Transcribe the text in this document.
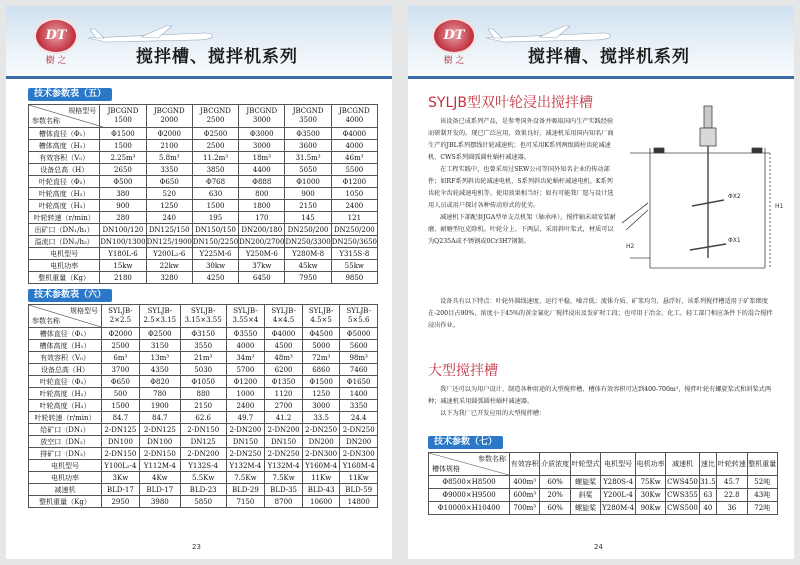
DT
樹 之	搅拌槽、搅拌机系列
技术参数表（五）
规格型号
参数名称	JBCGND 1500	JBCGND 2000	JBCGND 2500	JBCGND 3000	JBCGND 3500	JBCGND 4000
槽体直径（Φ₁）	Φ1500	Φ2000	Φ2500	Φ3000	Φ3500	Φ4000
槽体高度（H₁）	1500	2100	2500	3000	3600	4000
有效容积（V₀）	2.25m³	5.8m³	11.2m³	18m³	31.5m³	46m³
设备总高（H）	2650	3350	3850	4400	5050	5500
叶轮直径（Φ₂）	Φ500	Φ650	Φ768	Φ888	Φ1000	Φ1200
叶轮高度（H₂）	380	520	630	800	900	1050
叶轮高度（H₃）	900	1250	1500	1800	2150	2400
叶轮转速（r/min）	280	240	195	170	145	121
出矿口（DN₁/h₁）	DN100/120	DN125/150	DN150/150	DN200/180	DN250/200	DN250/200
溢流口（DN₂/h₂）	DN100/1300	DN125/1900	DN150/2250	DN200/2700	DN250/3300	DN250/3650
电机型号	Y180L-6	Y200L₂-6	Y225M-6	Y250M-6	Y280M-8	Y315S-8
电机功率	15kw	22kw	30kw	37kw	45kw	55kw
整机重量（Kg）	2180	3280	4250	6450	7950	9850
技术参数表（六）
规格型号
参数名称	SYLJB- 2×2.5	SYLJB- 2.5×3.15	SYLJB- 3.15×3.55	SYLJB- 3.55×4	SYLJB- 4×4.5	SYLJB- 4.5×5	SYLJB- 5×5.6
槽体直径（Φ₁）	Φ2000	Φ2500	Φ3150	Φ3550	Φ4000	Φ4500	Φ5000
槽体高度（H₁）	2500	3150	3550	4000	4500	5000	5600
有效容积（V₀）	6m³	13m³	21m³	34m³	48m³	72m³	98m³
设备总高（H）	3700	4350	5030	5700	6200	6860	7460
叶轮直径（Φ₂）	Φ650	Φ820	Φ1050	Φ1200	Φ1350	Φ1500	Φ1650
叶轮高度（H₂）	500	780	880	1000	1120	1250	1400
叶轮高度（H₃）	1500	1900	2150	2400	2700	3000	3350
叶轮转速（r/min）	84.7	84.7	62.6	49.7	41.2	33.5	24.4
给矿口（DN₁）	2-DN125	2-DN125	2-DN150	2-DN200	2-DN200	2-DN250	2-DN250
放空口（DN₂）	DN100	DN100	DN125	DN150	DN150	DN200	DN200
排矿口（DN₃）	2-DN150	2-DN150	2-DN200	2-DN250	2-DN250	2-DN300	2-DN300
电机型号	Y100L₂-4	Y112M-4	Y132S-4	Y132M-4	Y132M-4	Y160M-4	Y160M-4
电机功率	3Kw	4Kw	5.5Kw	7.5Kw	7.5Kw	11Kw	11Kw
减速机	BLD-17	BLD-17	BLD-23	BLD-29	BLD-35	BLD-43	BLD-59
整机重量（Kg）	2950	3980	5850	7150	8700	10600	14800
23
DT
樹 之	搅拌槽、搅拌机系列
SYLJB型双叶轮浸出搅拌槽

该设备已成系列产品，是参考国外设备并吸取国内生产实践经验而研制开发的。现已广泛应用，效果良好。减速机采用国内知名厂商生产的JBL系列摆线针轮减速机；也可采用K系列两级圆柱齿轮减速机、CWS系列圆弧圆柱蜗杆减速器。

在工程实践中，也曾采用过SEW公司等国外知名企业的传动部件；如RF系列斜齿轮减速电机、S系列斜齿轮蜗杆减速电机、K系列齿轮伞齿轮减速电机等。使用效果相当好；如有可能我厂愿与设计选用人员或用户探讨各种传动形式的优劣。

减速机下部配套JGA型单支点机架（轴承座），搅拌轴末端安装耐磨、耐磨型厄克除机。叶轮分上、下两层，采用斜叶桨式，材质可以为Q235A或不锈钢或0Cr3H7钢制。

设备具有以下特点：叶轮外圆线速度、运行平稳、噪音低；流体介质、矿浆均匀，悬浮好，该系列搅拌槽适用于矿浆细度在-200目占90%，浓度小于45%的黄金氰化厂搅拌浸出及发矿时工段；也可用于冶金、化工、轻工部门相应条件下的混合搅拌浸出作业。

H1
ΦX2
ΦX1
H2
大型搅拌槽

我厂还可以为用户设计、制造各种用途的大型搅拌槽，槽体有效容积可达到400-700m³，搅拌叶轮有螺旋桨式和斜桨式两种；减速机采用圆弧圆柱蜗杆减速器。

以下为我厂已开发应用的大型搅拌槽：

技术参数（七）
参数名称
槽体规格	有效容积	介质浓度	叶轮型式	电机型号	电机功率	减速机	速比	叶轮转速	整机重量
Φ8500×H8500	400m³	60%	螺旋桨	Y280S-4	75Kw	CWS450	31.5	45.7	52吨
Φ9000×H9500	600m³	20%	斜桨	Y200L-4	30Kw	CWS355	63	22.8	43吨
Φ10000×H10400	700m³	60%	螺旋桨	Y280M-4	90Kw	CWS500	40	36	72吨
24
